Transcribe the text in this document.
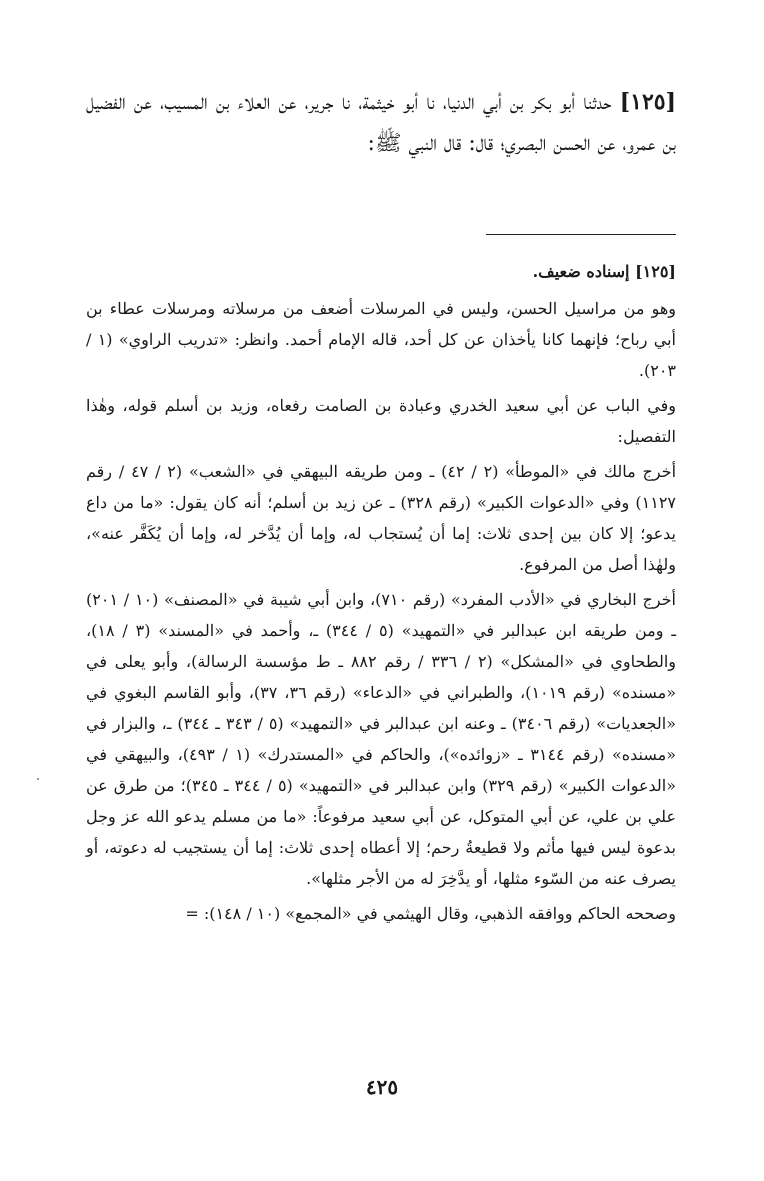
[١٢٥] حدثنا أبو بكر بن أبي الدنيا، نا أبو خيثمة، نا جرير، عن العلاء بن المسيب، عن الفضيل بن عمرو، عن الحسن البصري؛ قال: قال النبي ﷺ:

[١٢٥] إسناده ضعيف.

وهو من مراسيل الحسن، وليس في المرسلات أضعف من مرسلاته ومرسلات عطاء بن أبي رباح؛ فإنهما كانا يأخذان عن كل أحد، قاله الإمام أحمد. وانظر: «تدريب الراوي» (١ / ٢٠٣).

وفي الباب عن أبي سعيد الخدري وعبادة بن الصامت رفعاه، وزيد بن أسلم قوله، وهٰذا التفصيل:

أخرج مالك في «الموطأ» (٢ / ٤٢) ـ ومن طريقه البيهقي في «الشعب» (٢ / ٤٧ / رقم ١١٢٧) وفي «الدعوات الكبير» (رقم ٣٢٨) ـ عن زيد بن أسلم؛ أنه كان يقول: «ما من داع يدعو؛ إلا كان بين إحدى ثلاث: إما أن يُستجاب له، وإما أن يُدَّخر له، وإما أن يُكَفَّر عنه»، ولهٰذا أصل من المرفوع.

أخرج البخاري في «الأدب المفرد» (رقم ٧١٠)، وابن أبي شيبة في «المصنف» (١٠ / ٢٠١) ـ ومن طريقه ابن عبدالبر في «التمهيد» (٥ / ٣٤٤) ـ، وأحمد في «المسند» (٣ / ١٨)، والطحاوي في «المشكل» (٢ / ٣٣٦ / رقم ٨٨٢ ـ ط مؤسسة الرسالة)، وأبو يعلى في «مسنده» (رقم ١٠١٩)، والطبراني في «الدعاء» (رقم ٣٦، ٣٧)، وأبو القاسم البغوي في «الجعديات» (رقم ٣٤٠٦) ـ وعنه ابن عبدالبر في «التمهيد» (٥ / ٣٤٣ ـ ٣٤٤) ـ، والبزار في «مسنده» (رقم ٣١٤٤ ـ «زوائده»)، والحاكم في «المستدرك» (١ / ٤٩٣)، والبيهقي في «الدعوات الكبير» (رقم ٣٢٩) وابن عبدالبر في «التمهيد» (٥ / ٣٤٤ ـ ٣٤٥)؛ من طرق عن علي بن علي، عن أبي المتوكل، عن أبي سعيد مرفوعاً: «ما من مسلم يدعو الله عز وجل بدعوة ليس فيها مأثم ولا قطيعةُ رحم؛ إلا أعطاه إحدى ثلاث: إما أن يستجيب له دعوته، أو يصرف عنه من السّوء مثلها، أو يدَّخِرَ له من الأجر مثلها».

وصححه الحاكم ووافقه الذهبي، وقال الهيثمي في «المجمع» (١٠ / ١٤٨): =

٤٢٥
